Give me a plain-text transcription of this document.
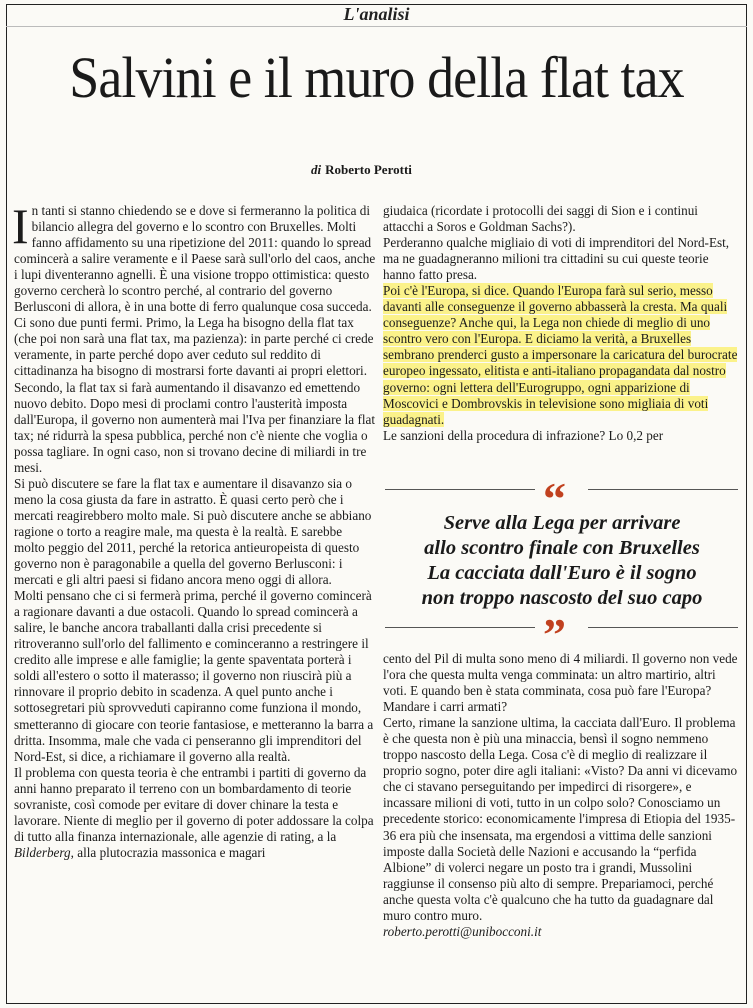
L'analisi
Salvini e il muro della flat tax
di Roberto Perotti

In tanti si stanno chiedendo se e dove si fermeranno la politica di bilancio allegra del governo e lo scontro con Bruxelles. Molti fanno affidamento su una ripetizione del 2011: quando lo spread comincerà a salire veramente e il Paese sarà sull'orlo del caos, anche i lupi diventeranno agnelli. È una visione troppo ottimistica: questo governo cercherà lo scontro perché, al contrario del governo Berlusconi di allora, è in una botte di ferro qualunque cosa succeda.

Ci sono due punti fermi. Primo, la Lega ha bisogno della flat tax (che poi non sarà una flat tax, ma pazienza): in parte perché ci crede veramente, in parte perché dopo aver ceduto sul reddito di cittadinanza ha bisogno di mostrarsi forte davanti ai propri elettori. Secondo, la flat tax si farà aumentando il disavanzo ed emettendo nuovo debito. Dopo mesi di proclami contro l'austerità imposta dall'Europa, il governo non aumenterà mai l'Iva per finanziare la flat tax; né ridurrà la spesa pubblica, perché non c'è niente che voglia o possa tagliare. In ogni caso, non si trovano decine di miliardi in tre mesi.

Si può discutere se fare la flat tax e aumentare il disavanzo sia o meno la cosa giusta da fare in astratto. È quasi certo però che i mercati reagirebbero molto male. Si può discutere anche se abbiano ragione o torto a reagire male, ma questa è la realtà. E sarebbe molto peggio del 2011, perché la retorica antieuropeista di questo governo non è paragonabile a quella del governo Berlusconi: i mercati e gli altri paesi si fidano ancora meno oggi di allora.

Molti pensano che ci si fermerà prima, perché il governo comincerà a ragionare davanti a due ostacoli. Quando lo spread comincerà a salire, le banche ancora traballanti dalla crisi precedente si ritroveranno sull'orlo del fallimento e cominceranno a restringere il credito alle imprese e alle famiglie; la gente spaventata porterà i soldi all'estero o sotto il materasso; il governo non riuscirà più a rinnovare il proprio debito in scadenza. A quel punto anche i sottosegretari più sprovveduti capiranno come funziona il mondo, smetteranno di giocare con teorie fantasiose, e metteranno la barra a dritta. Insomma, male che vada ci penseranno gli imprenditori del Nord-Est, si dice, a richiamare il governo alla realtà.

Il problema con questa teoria è che entrambi i partiti di governo da anni hanno preparato il terreno con un bombardamento di teorie sovraniste, così comode per evitare di dover chinare la testa e lavorare. Niente di meglio per il governo di poter addossare la colpa di tutto alla finanza internazionale, alle agenzie di rating, a la Bilderberg, alla plutocrazia massonica e magari

giudaica (ricordate i protocolli dei saggi di Sion e i continui attacchi a Soros e Goldman Sachs?).

Perderanno qualche migliaio di voti di imprenditori del Nord-Est, ma ne guadagneranno milioni tra cittadini su cui queste teorie hanno fatto presa.

Poi c'è l'Europa, si dice. Quando l'Europa farà sul serio, messo davanti alle conseguenze il governo abbasserà la cresta. Ma quali conseguenze? Anche qui, la Lega non chiede di meglio di uno scontro vero con l'Europa. E diciamo la verità, a Bruxelles sembrano prenderci gusto a impersonare la caricatura del burocrate europeo ingessato, elitista e anti-italiano propagandata dal nostro governo: ogni lettera dell'Eurogruppo, ogni apparizione di Moscovici e Dombrovskis in televisione sono migliaia di voti guadagnati.

Le sanzioni della procedura di infrazione? Lo 0,2 per

“
Serve alla Lega per arrivare
allo scontro finale con Bruxelles
La cacciata dall'Euro è il sogno
non troppo nascosto del suo capo
”

cento del Pil di multa sono meno di 4 miliardi. Il governo non vede l'ora che questa multa venga comminata: un altro martirio, altri voti. E quando ben è stata comminata, cosa può fare l'Europa? Mandare i carri armati?

Certo, rimane la sanzione ultima, la cacciata dall'Euro. Il problema è che questa non è più una minaccia, bensì il sogno nemmeno troppo nascosto della Lega. Cosa c'è di meglio di realizzare il proprio sogno, poter dire agli italiani: «Visto? Da anni vi dicevamo che ci stavano perseguitando per impedirci di risorgere», e incassare milioni di voti, tutto in un colpo solo? Conosciamo un precedente storico: economicamente l'impresa di Etiopia del 1935-36 era più che insensata, ma ergendosi a vittima delle sanzioni imposte dalla Società delle Nazioni e accusando la “perfida Albione” di volerci negare un posto tra i grandi, Mussolini raggiunse il consenso più alto di sempre. Prepariamoci, perché anche questa volta c'è qualcuno che ha tutto da guadagnare dal muro contro muro.

roberto.perotti@unibocconi.it
